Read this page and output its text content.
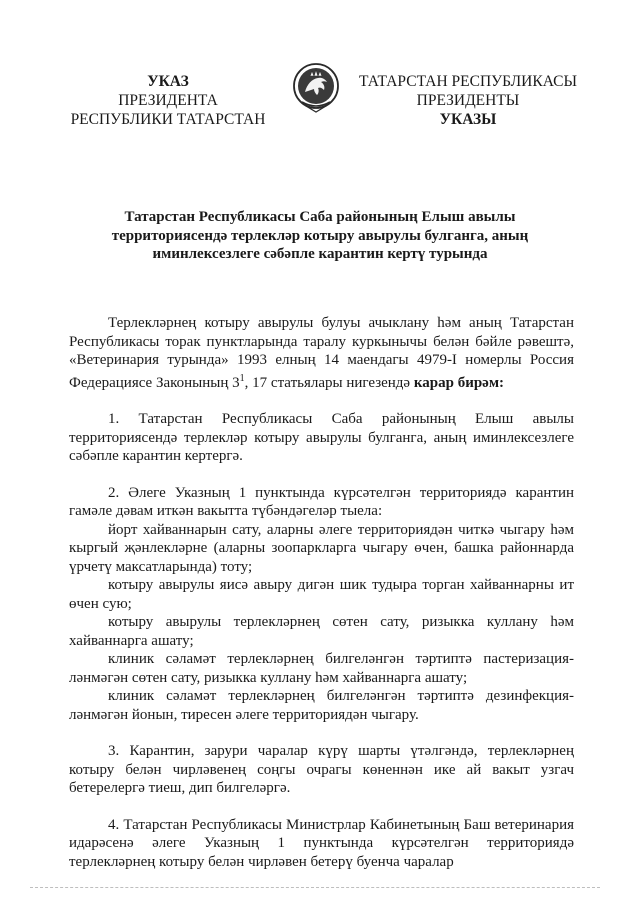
УКАЗ
ПРЕЗИДЕНТА
РЕСПУБЛИКИ ТАТАРСТАН
ТАТАРСТАН РЕСПУБЛИКАСЫ
ПРЕЗИДЕНТЫ
УКАЗЫ
Татарстан Республикасы Саба районының Елыш авылы
территориясендә терлекләр котыру авырулы булганга, аның
иминлексезлеге сәбәпле карантин кертү турында

Терлекләрнең котыру авырулы булуы ачыклану һәм аның Татарстан Республикасы торак пунктларында таралу куркынычы белән бәйле рәвештә, «Ветеринария турында» 1993 елның 14 маендагы 4979-I номерлы Россия Федерациясе Законының $3^1$, 17 статьялары нигезендә карар бирәм:

1. Татарстан Республикасы Саба районының Елыш авылы территориясендә терлекләр котыру авырулы булганга, аның иминлексезлеге сәбәпле карантин кертергә.

2. Әлеге Указның 1 пунктында күрсәтелгән территориядә карантин гамәле дәвам иткән вакытта түбәндәгеләр тыела:

йорт хайваннарын сату, аларны әлеге территориядән читкә чыгару һәм кыргый җәнлекләрне (аларны зоопаркларга чыгару өчен, башка районнарда үрчетү максатларында) тоту;

котыру авырулы яисә авыру дигән шик тудыра торган хайваннарны ит өчен сую;

котыру авырулы терлекләрнең сөтен сату, ризыкка куллану һәм хайваннарга ашату;

клиник сәламәт терлекләрнең билгеләнгән тәртиптә пастеризация-ләнмәгән сөтен сату, ризыкка куллану һәм хайваннарга ашату;

клиник сәламәт терлекләрнең билгеләнгән тәртиптә дезинфекция-ләнмәгән йонын, тиресен әлеге территориядән чыгару.

3. Карантин, зарури чаралар күрү шарты үтәлгәндә, терлекләрнең котыру белән чирләвенең соңгы очрагы көненнән ике ай вакыт узгач бетерелергә тиеш, дип билгеләргә.

4. Татарстан Республикасы Министрлар Кабинетының Баш ветеринария идарәсенә әлеге Указның 1 пунктында күрсәтелгән территориядә терлекләрнең котыру белән чирләвен бетерү буенча чаралар
